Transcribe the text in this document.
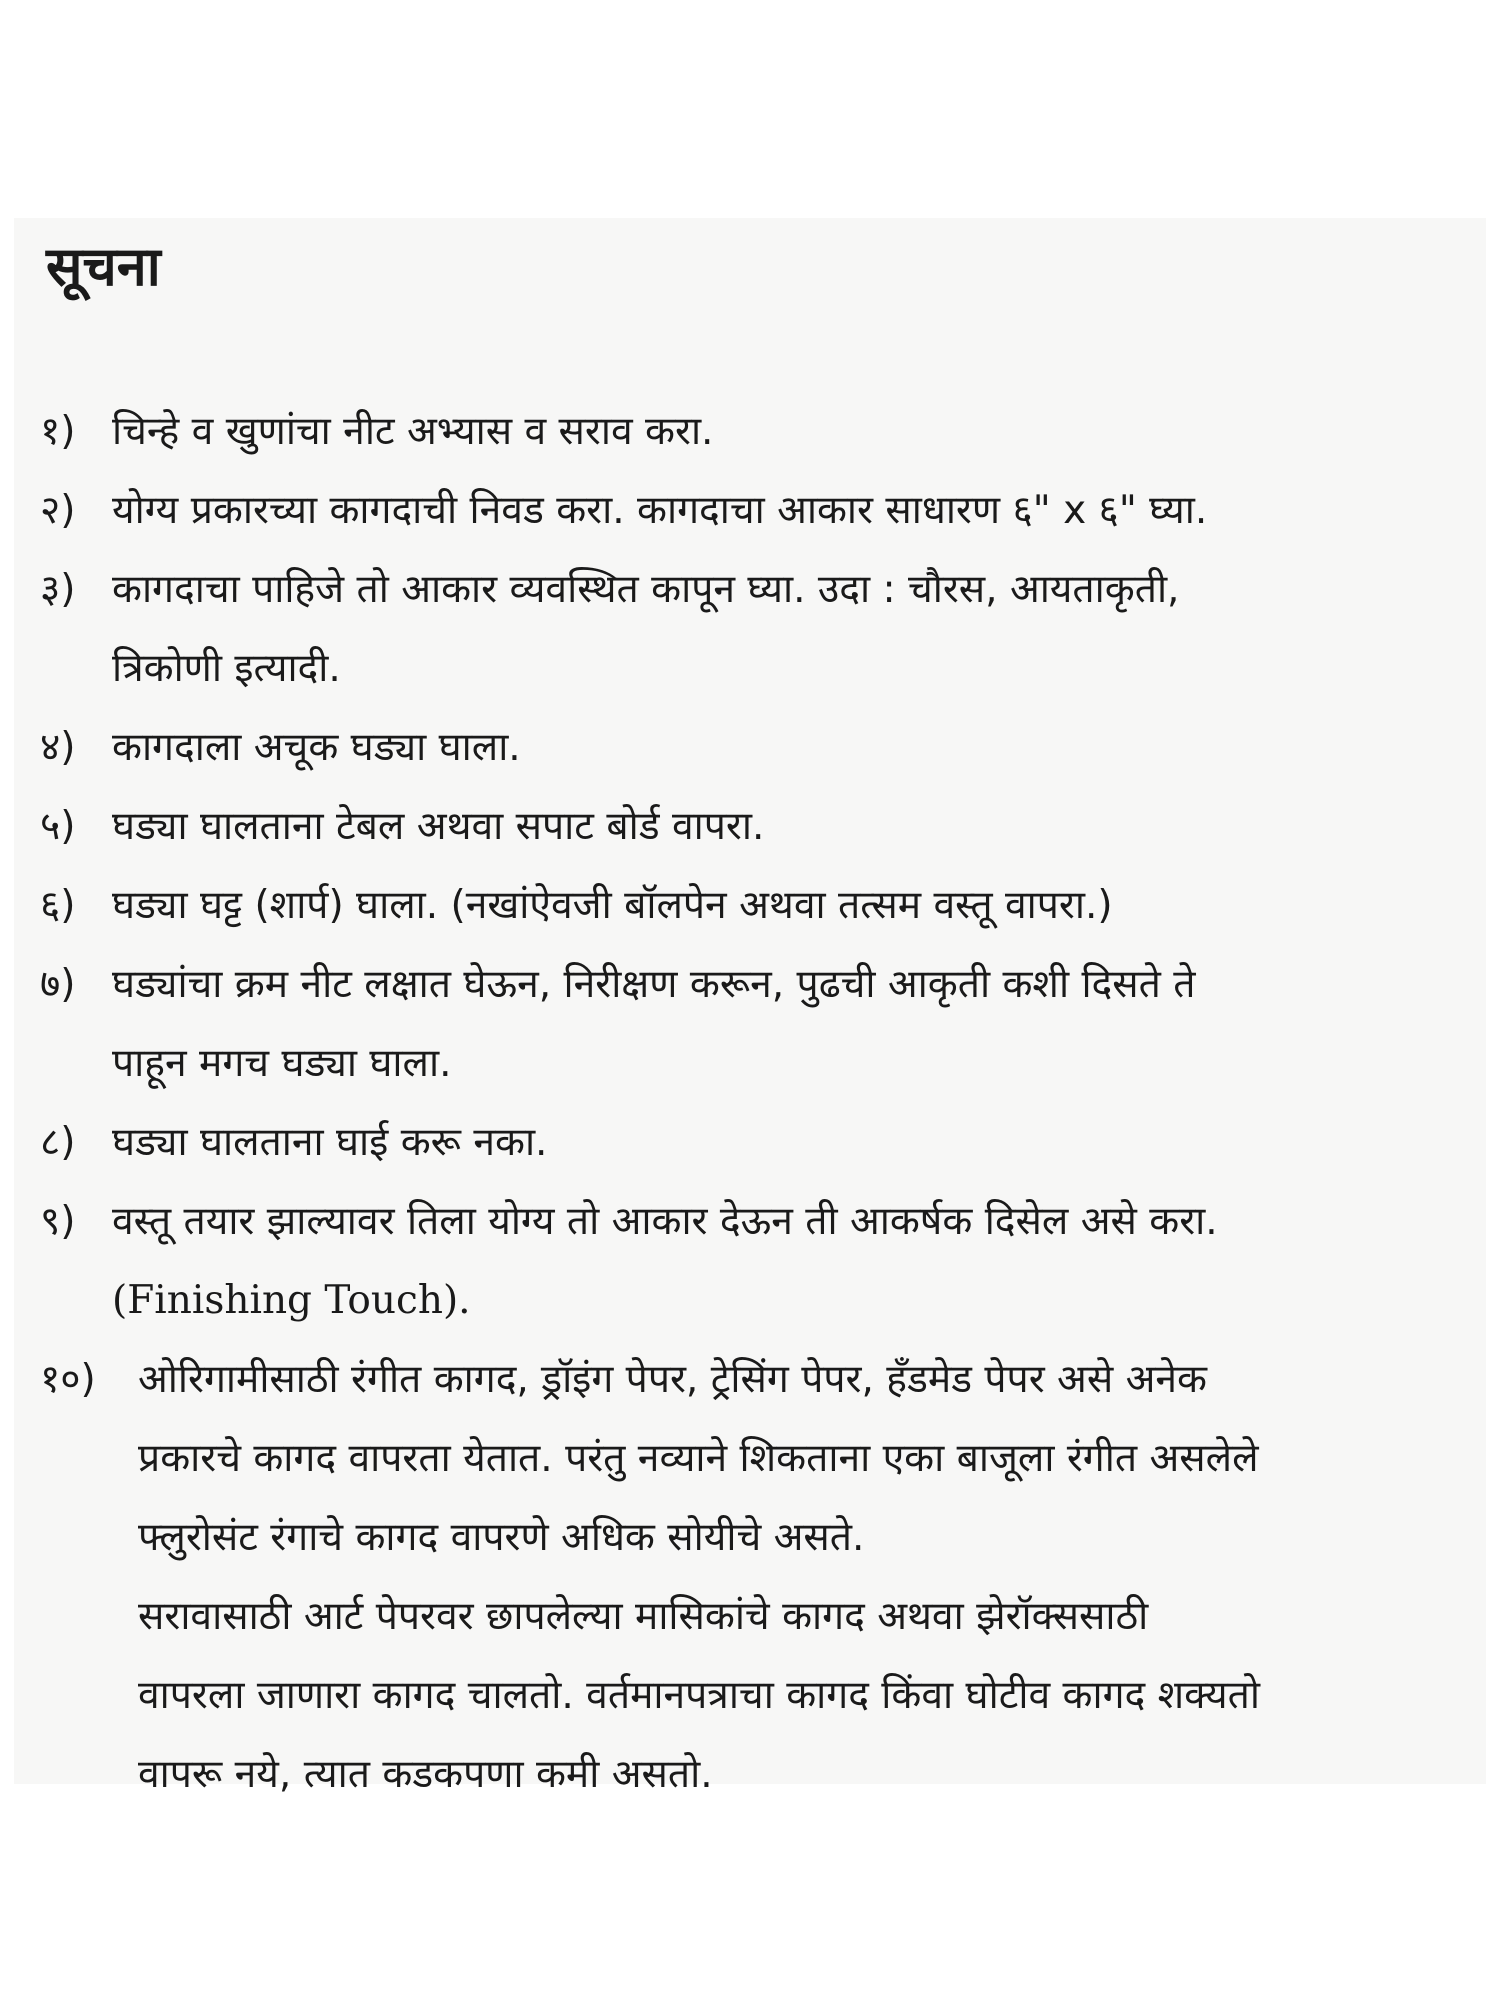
सूचना
१) चिन्हे व खुणांचा नीट अभ्यास व सराव करा.
२) योग्य प्रकारच्या कागदाची निवड करा. कागदाचा आकार साधारण ६" x ६" घ्या.
३) कागदाचा पाहिजे तो आकार व्यवस्थित कापून घ्या. उदा : चौरस, आयताकृती,
त्रिकोणी इत्यादी.
४) कागदाला अचूक घड्या घाला.
५) घड्या घालताना टेबल अथवा सपाट बोर्ड वापरा.
६) घड्या घट्ट (शार्प) घाला. (नखांऐवजी बॉलपेन अथवा तत्सम वस्तू वापरा.)
७) घड्यांचा क्रम नीट लक्षात घेऊन, निरीक्षण करून, पुढची आकृती कशी दिसते ते
पाहून मगच घड्या घाला.
८) घड्या घालताना घाई करू नका.
९) वस्तू तयार झाल्यावर तिला योग्य तो आकार देऊन ती आकर्षक दिसेल असे करा.
(Finishing Touch).
१०) ओरिगामीसाठी रंगीत कागद, ड्रॉइंग पेपर, ट्रेसिंग पेपर, हँडमेड पेपर असे अनेक
प्रकारचे कागद वापरता येतात. परंतु नव्याने शिकताना एका बाजूला रंगीत असलेले
फ्लुरोसंट रंगाचे कागद वापरणे अधिक सोयीचे असते.
सरावासाठी आर्ट पेपरवर छापलेल्या मासिकांचे कागद अथवा झेरॉक्ससाठी
वापरला जाणारा कागद चालतो. वर्तमानपत्राचा कागद किंवा घोटीव कागद शक्यतो
वापरू नये, त्यात कडकपणा कमी असतो.
